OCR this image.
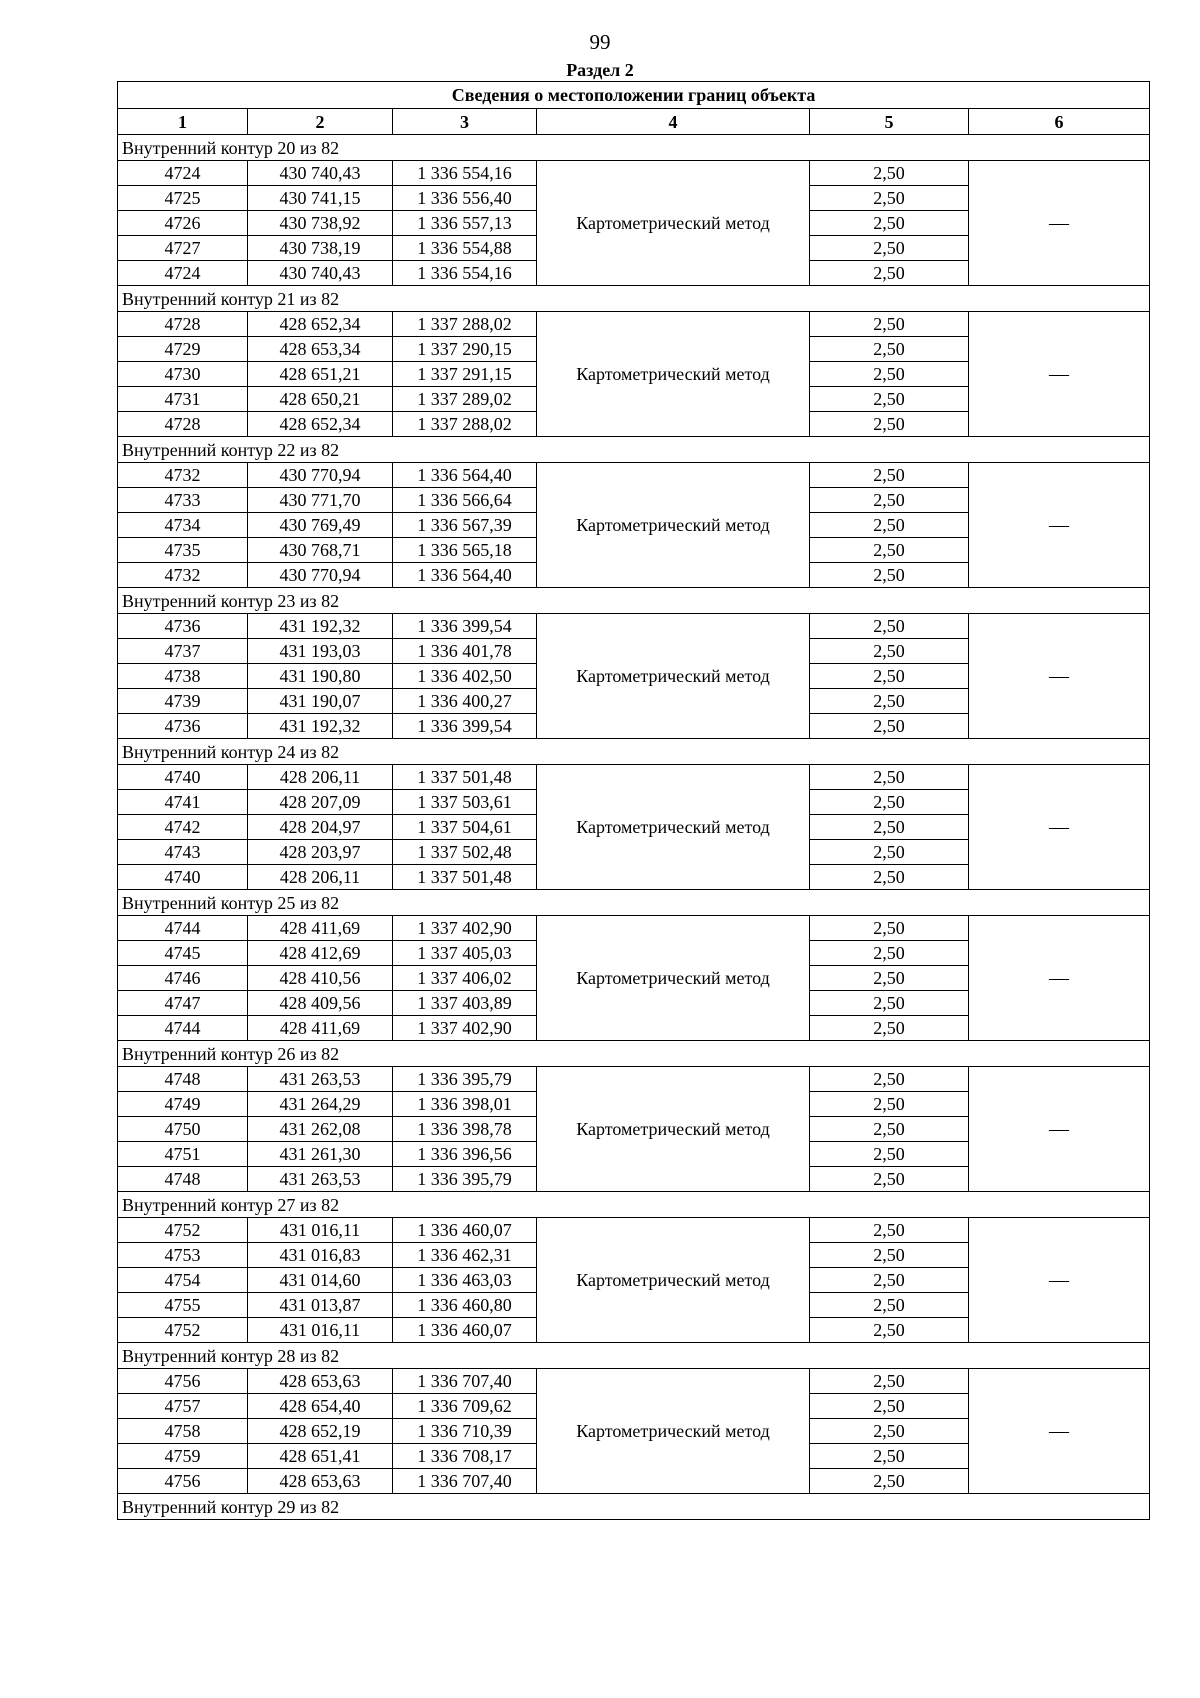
99
Раздел 2
Сведения о местоположении границ объекта					
1	2	3	4	5	6
Внутренний контур 20 из 82					
4724	430 740,43	1 336 554,16	Картометрический метод	2,50	—
4725	430 741,15	1 336 556,40		2,50	
4726	430 738,92	1 336 557,13		2,50	
4727	430 738,19	1 336 554,88		2,50	
4724	430 740,43	1 336 554,16		2,50	
Внутренний контур 21 из 82					
4728	428 652,34	1 337 288,02	Картометрический метод	2,50	—
4729	428 653,34	1 337 290,15		2,50	
4730	428 651,21	1 337 291,15		2,50	
4731	428 650,21	1 337 289,02		2,50	
4728	428 652,34	1 337 288,02		2,50	
Внутренний контур 22 из 82					
4732	430 770,94	1 336 564,40	Картометрический метод	2,50	—
4733	430 771,70	1 336 566,64		2,50	
4734	430 769,49	1 336 567,39		2,50	
4735	430 768,71	1 336 565,18		2,50	
4732	430 770,94	1 336 564,40		2,50	
Внутренний контур 23 из 82					
4736	431 192,32	1 336 399,54	Картометрический метод	2,50	—
4737	431 193,03	1 336 401,78		2,50	
4738	431 190,80	1 336 402,50		2,50	
4739	431 190,07	1 336 400,27		2,50	
4736	431 192,32	1 336 399,54		2,50	
Внутренний контур 24 из 82					
4740	428 206,11	1 337 501,48	Картометрический метод	2,50	—
4741	428 207,09	1 337 503,61		2,50	
4742	428 204,97	1 337 504,61		2,50	
4743	428 203,97	1 337 502,48		2,50	
4740	428 206,11	1 337 501,48		2,50	
Внутренний контур 25 из 82					
4744	428 411,69	1 337 402,90	Картометрический метод	2,50	—
4745	428 412,69	1 337 405,03		2,50	
4746	428 410,56	1 337 406,02		2,50	
4747	428 409,56	1 337 403,89		2,50	
4744	428 411,69	1 337 402,90		2,50	
Внутренний контур 26 из 82					
4748	431 263,53	1 336 395,79	Картометрический метод	2,50	—
4749	431 264,29	1 336 398,01		2,50	
4750	431 262,08	1 336 398,78		2,50	
4751	431 261,30	1 336 396,56		2,50	
4748	431 263,53	1 336 395,79		2,50	
Внутренний контур 27 из 82					
4752	431 016,11	1 336 460,07	Картометрический метод	2,50	—
4753	431 016,83	1 336 462,31		2,50	
4754	431 014,60	1 336 463,03		2,50	
4755	431 013,87	1 336 460,80		2,50	
4752	431 016,11	1 336 460,07		2,50	
Внутренний контур 28 из 82					
4756	428 653,63	1 336 707,40	Картометрический метод	2,50	—
4757	428 654,40	1 336 709,62		2,50	
4758	428 652,19	1 336 710,39		2,50	
4759	428 651,41	1 336 708,17		2,50	
4756	428 653,63	1 336 707,40		2,50	
Внутренний контур 29 из 82					
